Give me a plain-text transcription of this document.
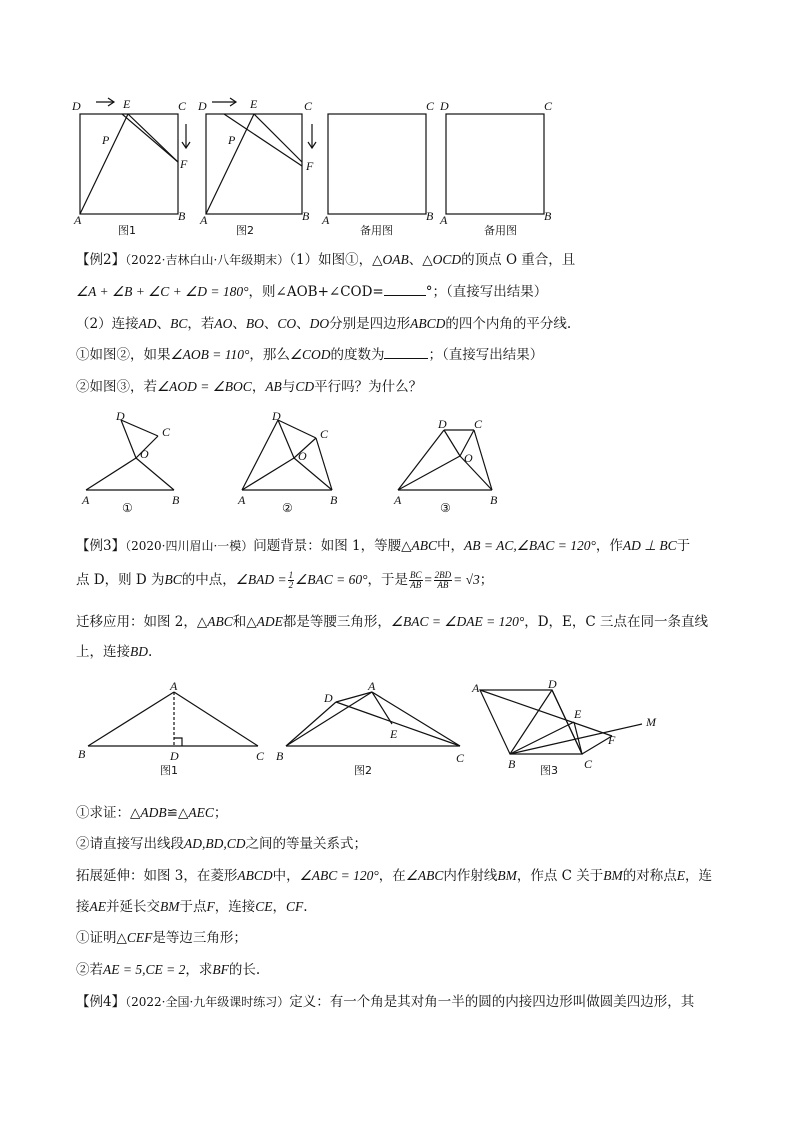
D	E	C
P
F
A	B
图1
D	E	C
P
F
A	B
图2
C
A	B
备用图
D	C
A	B
备用图
【例2】（2022·吉林白山·八年级期末）（1）如图①，△OAB、△OCD的顶点 O 重合，且
∠A + ∠B + ∠C + ∠D = 180°，则∠AOB+∠COD=	°；（直接写出结果）
（2）连接AD、BC，若AO、BO、CO、DO分别是四边形ABCD的四个内角的平分线.
①如图②，如果∠AOB = 110°，那么∠COD的度数为	；（直接写出结果）
②如图③，若∠AOD = ∠BOC，AB与CD平行吗？为什么？
D
C
O
A	B
①
D
C
O
A	B
②
D C
O
A	B
③
【例3】（2020·四川眉山·一模）问题背景：如图 1，等腰△ABC中，AB = AC,∠BAC = 120°，作AD ⊥ BC于
点 D，则 D 为BC的中点，∠BAD = $\frac{1}{2}$ ∠BAC = 60°，于是 $\frac{BC}{AB} = \frac{2BD}{AB} = √3$；
迁移应用：如图 2，△ABC和△ADE都是等腰三角形，∠BAC = ∠DAE = 120°，D，E，C 三点在同一条直线
上，连接BD.
A
B	C
D
图1
A
D
E
B	C
图2
A	D
E
F
M
B	C
图3
①求证：△ADB≌△AEC；
②请直接写出线段AD,BD,CD之间的等量关系式；
拓展延伸：如图 3，在菱形ABCD中，∠ABC = 120°，在∠ABC内作射线BM，作点 C 关于BM的对称点E，连
接AE并延长交BM于点F，连接CE，CF.
①证明△CEF是等边三角形；
②若AE = 5,CE = 2，求BF的长.
【例4】（2022·全国·九年级课时练习）定义：有一个角是其对角一半的圆的内接四边形叫做圆美四边形，其
